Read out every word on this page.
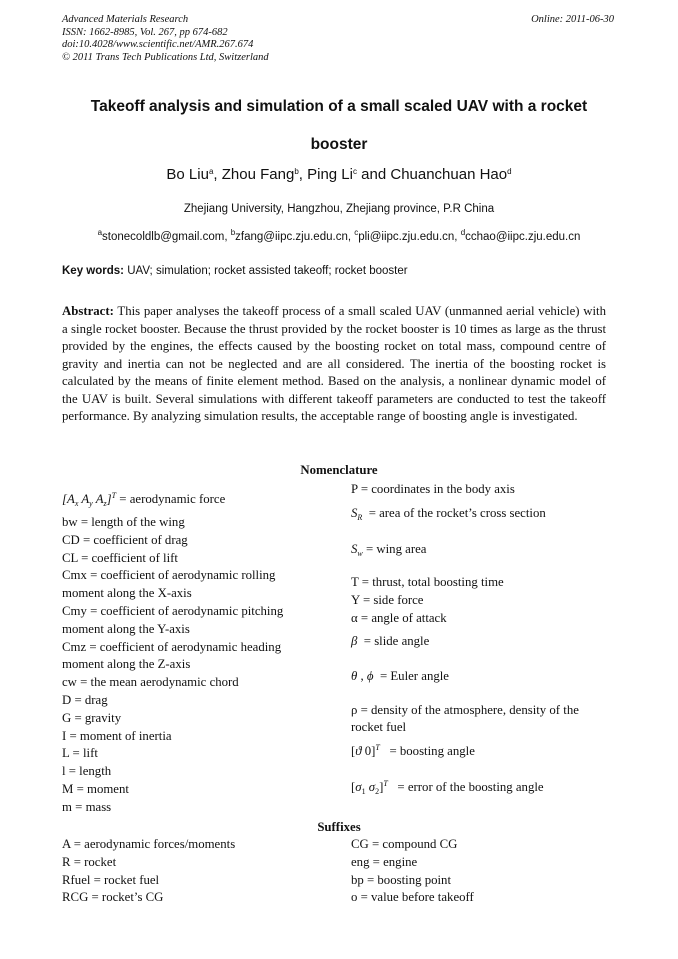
Advanced Materials Research
ISSN: 1662-8985, Vol. 267, pp 674-682
doi:10.4028/www.scientific.net/AMR.267.674
© 2011 Trans Tech Publications Ltd, Switzerland
Online: 2011-06-30
Takeoff analysis and simulation of a small scaled UAV with a rocket
booster
Bo Liu$^a$, Zhou Fang$^b$, Ping Li$^c$ and Chuanchuan Hao$^d$
Zhejiang University, Hangzhou, Zhejiang province, P.R China
$^a$stonecoldlb@gmail.com, $^b$zfang@iipc.zju.edu.cn, $^c$pli@iipc.zju.edu.cn, $^d$cchao@iipc.zju.edu.cn
Key words: UAV; simulation; rocket assisted takeoff; rocket booster
Abstract: This paper analyses the takeoff process of a small scaled UAV (unmanned aerial vehicle) with a single rocket booster. Because the thrust provided by the rocket booster is 10 times as large as the thrust provided by the engines, the effects caused by the boosting rocket on total mass, compound centre of gravity and inertia can not be neglected and are all considered. The inertia of the boosting rocket is calculated by the means of finite element method. Based on the analysis, a nonlinear dynamic model of the UAV is built. Several simulations with different takeoff parameters are conducted to test the takeoff performance. By analyzing simulation results, the acceptable range of boosting angle is investigated.
Nomenclature
[$A_x$ $A_y$ $A_z]^T$ = aerodynamic force
bw = length of the wing
CD = coefficient of drag
CL = coefficient of lift
Cmx = coefficient of aerodynamic rolling moment along the X-axis
Cmy = coefficient of aerodynamic pitching moment along the Y-axis
Cmz = coefficient of aerodynamic heading moment along the Z-axis
cw = the mean aerodynamic chord
D = drag
G = gravity
I = moment of inertia
L = lift
l = length
M = moment
m = mass
P = coordinates in the body axis
$S_R$ = area of the rocket’s cross section
$S_w$ = wing area
T = thrust, total boosting time
Y = side force
α = angle of attack
β = slide angle
θ , ϕ = Euler angle
ρ = density of the atmosphere, density of the rocket fuel
[ϑ 0]$^T$ = boosting angle
[$\sigma_1$ $\sigma_2]^T$ = error of the boosting angle
Suffixes
A = aerodynamic forces/moments
R = rocket
Rfuel = rocket fuel
RCG = rocket’s CG
CG = compound CG
eng = engine
bp = boosting point
o = value before takeoff
